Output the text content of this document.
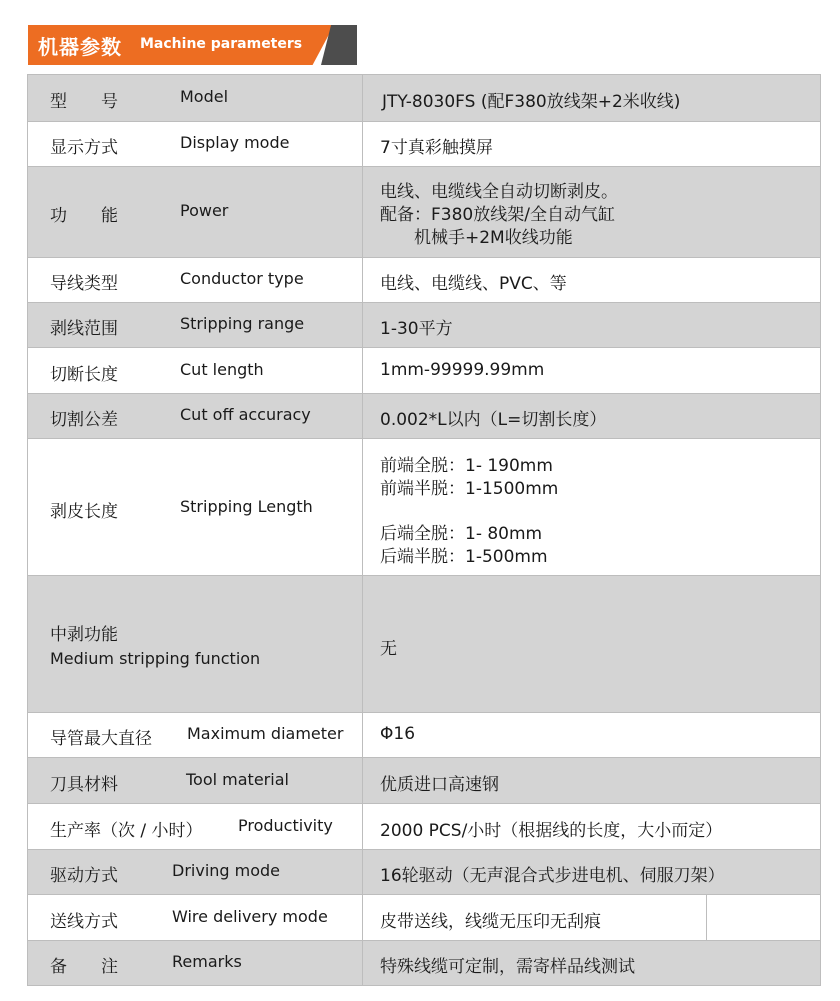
机器参数 Machine parameters
型　　号	Model	JTY-8030FS (配F380放线架+2米收线)
显示方式	Display mode	7寸真彩触摸屏
功　　能	Power
电线、电缆线全自动切断剥皮。
配备：F380放线架/全自动气缸
　　机械手+2M收线功能
导线类型	Conductor type	电线、电缆线、PVC、等
剥线范围	Stripping range	1-30平方
切断长度	Cut length	1mm-99999.99mm
切割公差	Cut off accuracy	0.002*L以内（L=切割长度）
剥皮长度	Stripping Length
前端全脱：1- 190mm
前端半脱：1-1500mm
后端全脱：1- 80mm
后端半脱：1-500mm
中剥功能
Medium stripping function	无
导管最大直径 Maximum diameter Φ16
刀具材料	Tool material	优质进口高速钢
生产率（次 / 小时） Productivity	2000 PCS/小时（根据线的长度，大小而定）
驱动方式	Driving mode	16轮驱动（无声混合式步进电机、伺服刀架）
送线方式	Wire delivery mode	皮带送线，线缆无压印无刮痕
备　　注	Remarks	特殊线缆可定制，需寄样品线测试
